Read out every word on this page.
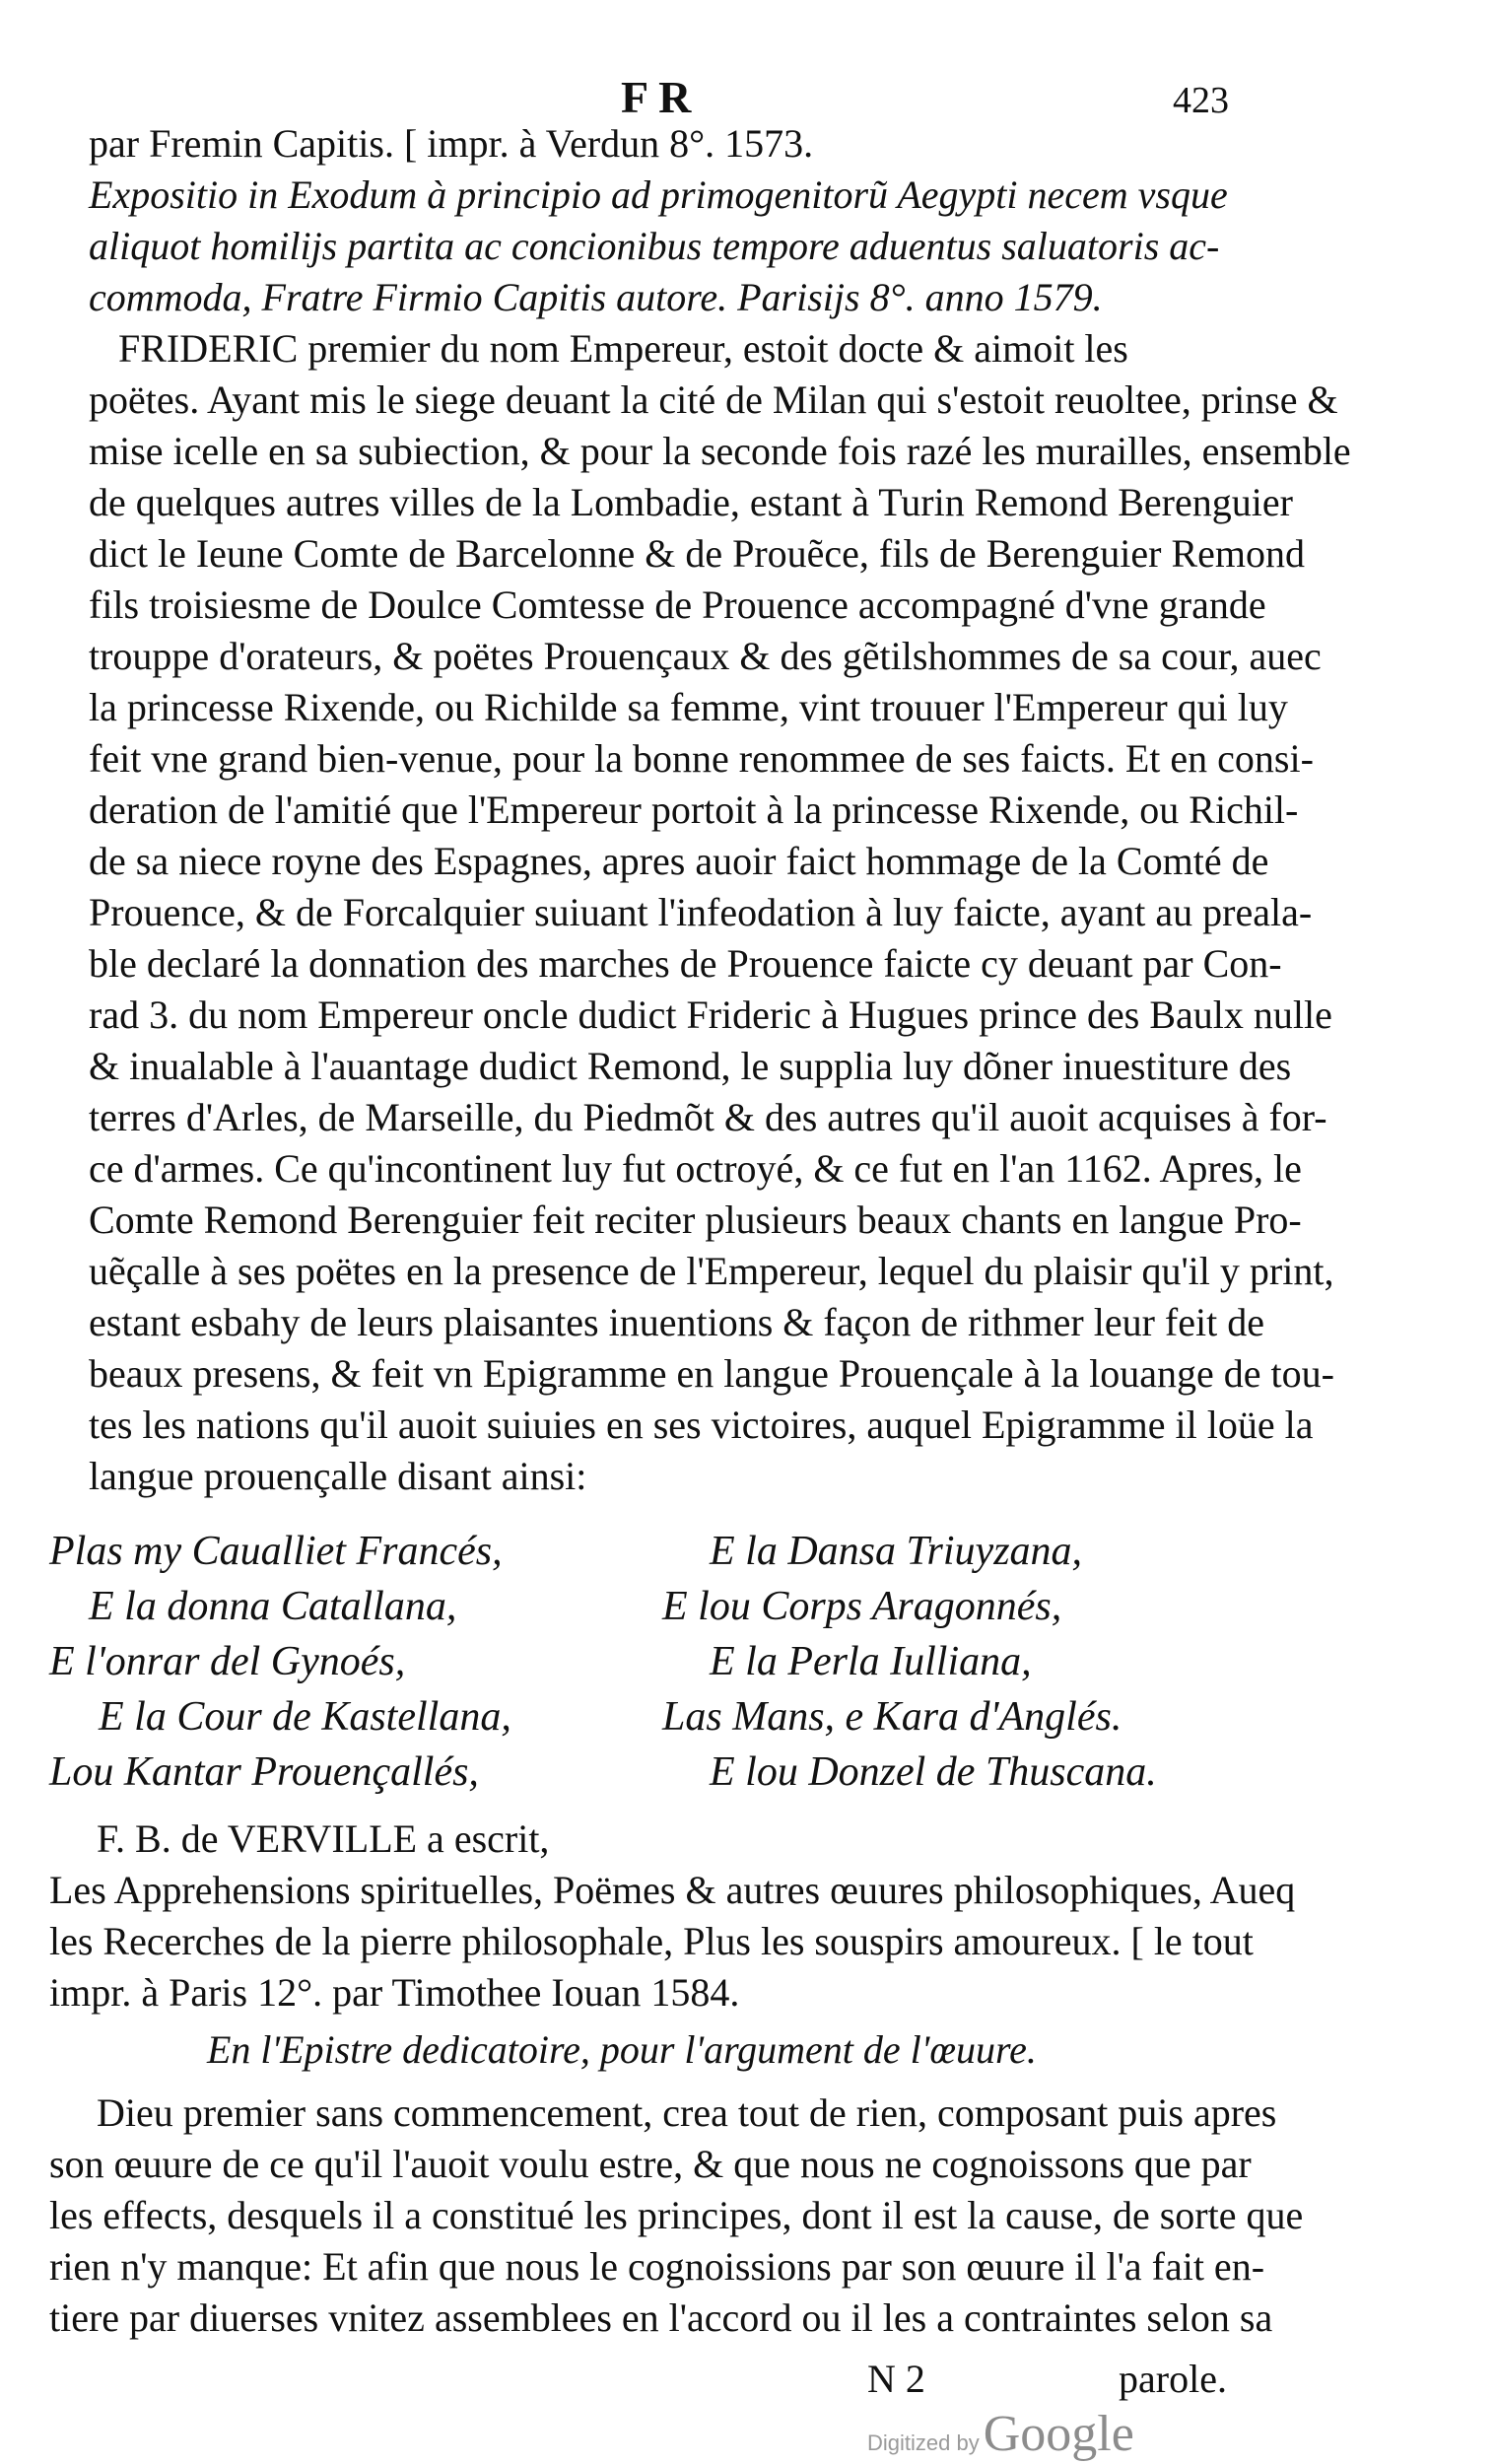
FR	423
par Fremin Capitis. [ impr. à Verdun 8°. 1573.
Expositio in Exodum à principio ad primogenitorũ Aegypti necem vsque
aliquot homilijs partita ac concionibus tempore aduentus saluatoris ac-
commoda, Fratre Firmio Capitis autore. Parisijs 8°. anno 1579.
FRIDERIC premier du nom Empereur, estoit docte & aimoit les
poëtes. Ayant mis le siege deuant la cité de Milan qui s'estoit reuoltee, prinse &
mise icelle en sa subiection, & pour la seconde fois razé les murailles, ensemble
de quelques autres villes de la Lombadie, estant à Turin Remond Berenguier
dict le Ieune Comte de Barcelonne & de Prouẽce, fils de Berenguier Remond
fils troisiesme de Doulce Comtesse de Prouence accompagné d'vne grande
trouppe d'orateurs, & poëtes Prouençaux & des gẽtilshommes de sa cour, auec
la princesse Rixende, ou Richilde sa femme, vint trouuer l'Empereur qui luy
feit vne grand bien-venue, pour la bonne renommee de ses faicts. Et en consi-
deration de l'amitié que l'Empereur portoit à la princesse Rixende, ou Richil-
de sa niece royne des Espagnes, apres auoir faict hommage de la Comté de
Prouence, & de Forcalquier suiuant l'infeodation à luy faicte, ayant au preala-
ble declaré la donnation des marches de Prouence faicte cy deuant par Con-
rad 3. du nom Empereur oncle dudict Frideric à Hugues prince des Baulx nulle
& inualable à l'auantage dudict Remond, le supplia luy dõner inuestiture des
terres d'Arles, de Marseille, du Piedmõt & des autres qu'il auoit acquises à for-
ce d'armes. Ce qu'incontinent luy fut octroyé, & ce fut en l'an 1162. Apres, le
Comte Remond Berenguier feit reciter plusieurs beaux chants en langue Pro-
uẽçalle à ses poëtes en la presence de l'Empereur, lequel du plaisir qu'il y print,
estant esbahy de leurs plaisantes inuentions & façon de rithmer leur feit de
beaux presens, & feit vn Epigramme en langue Prouençale à la louange de tou-
tes les nations qu'il auoit suiuies en ses victoires, auquel Epigramme il loüe la
langue prouençalle disant ainsi:
Plas my Caualliet Francés,
E la donna Catallana,
E l'onrar del Gynoés,
E la Cour de Kastellana,
Lou Kantar Prouençallés,
E la Dansa Triuyzana,
E lou Corps Aragonnés,
E la Perla Iulliana,
Las Mans, e Kara d'Anglés.
E lou Donzel de Thuscana.
F. B. de VERVILLE a escrit,
Les Apprehensions spirituelles, Poëmes & autres œuures philosophiques, Aueq
les Recerches de la pierre philosophale, Plus les souspirs amoureux. [ le tout
impr. à Paris 12°. par Timothee Iouan 1584.
En l'Epistre dedicatoire, pour l'argument de l'œuure.
Dieu premier sans commencement, crea tout de rien, composant puis apres
son œuure de ce qu'il l'auoit voulu estre, & que nous ne cognoissons que par
les effects, desquels il a constitué les principes, dont il est la cause, de sorte que
rien n'y manque: Et afin que nous le cognoissions par son œuure il l'a fait en-
tiere par diuerses vnitez assemblees en l'accord ou il les a contraintes selon sa
N 2	parole.
Digitized by Google
